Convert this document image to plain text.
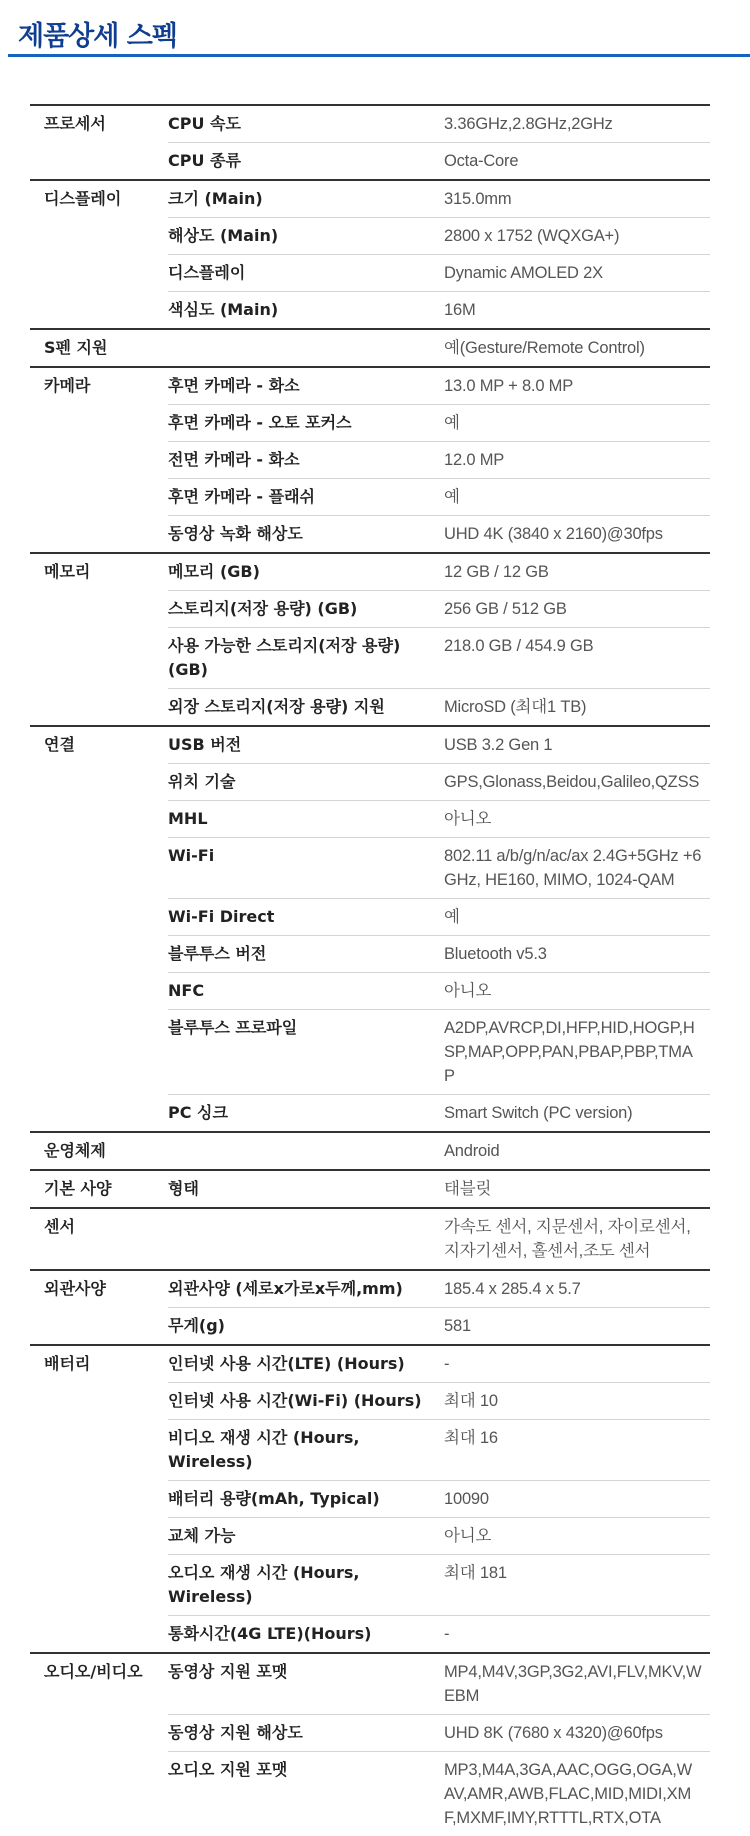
제품상세 스펙
프로세서	CPU 속도	3.36GHz,2.8GHz,2GHz

	CPU 종류	Octa-Core

디스플레이	크기 (Main)	315.0mm

	해상도 (Main)	2800 x 1752 (WQXGA+)

	디스플레이	Dynamic AMOLED 2X

	색심도 (Main)	16M

S펜 지원		예(Gesture/Remote Control)

카메라	후면 카메라 - 화소	13.0 MP + 8.0 MP

	후면 카메라 - 오토 포커스	예

	전면 카메라 - 화소	12.0 MP

	후면 카메라 - 플래쉬	예

	동영상 녹화 해상도	UHD 4K (3840 x 2160)@30fps

메모리	메모리 (GB)	12 GB / 12 GB

	스토리지(저장 용량) (GB)	256 GB / 512 GB

	사용 가능한 스토리지(저장 용량) (GB)	218.0 GB / 454.9 GB

	외장 스토리지(저장 용량) 지원	MicroSD (최대1 TB)

연결	USB 버전	USB 3.2 Gen 1

	위치 기술	GPS,Glonass,Beidou,Galileo,QZSS

	MHL	아니오

	Wi-Fi	802.11 a/b/g/n/ac/ax 2.4G+5GHz +6GHz, HE160, MIMO, 1024-QAM

	Wi-Fi Direct	예

	블루투스 버전	Bluetooth v5.3

	NFC	아니오

	블루투스 프로파일	A2DP,AVRCP,DI,HFP,HID,HOGP,HSP,MAP,OPP,PAN,PBAP,PBP,TMAP

	PC 싱크	Smart Switch (PC version)

운영체제		Android

기본 사양	형태	태블릿

센서		가속도 센서, 지문센서, 자이로센서,지자기센서, 홀센서,조도 센서

외관사양	외관사양 (세로x가로x두께,mm)	185.4 x 285.4 x 5.7

	무게(g)	581

배터리	인터넷 사용 시간(LTE) (Hours)	-

	인터넷 사용 시간(Wi-Fi) (Hours)	최대 10

	비디오 재생 시간 (Hours, Wireless)	최대 16

	배터리 용량(mAh, Typical)	10090

	교체 가능	아니오

	오디오 재생 시간 (Hours, Wireless)	최대 181

	통화시간(4G LTE)(Hours)	-

오디오/비디오	동영상 지원 포맷	MP4,M4V,3GP,3G2,AVI,FLV,MKV,WEBM

	동영상 지원 해상도	UHD 8K (7680 x 4320)@60fps

	오디오 지원 포맷	MP3,M4A,3GA,AAC,OGG,OGA,WAV,AMR,AWB,FLAC,MID,MIDI,XMF,MXMF,IMY,RTTTL,RTX,OTA
